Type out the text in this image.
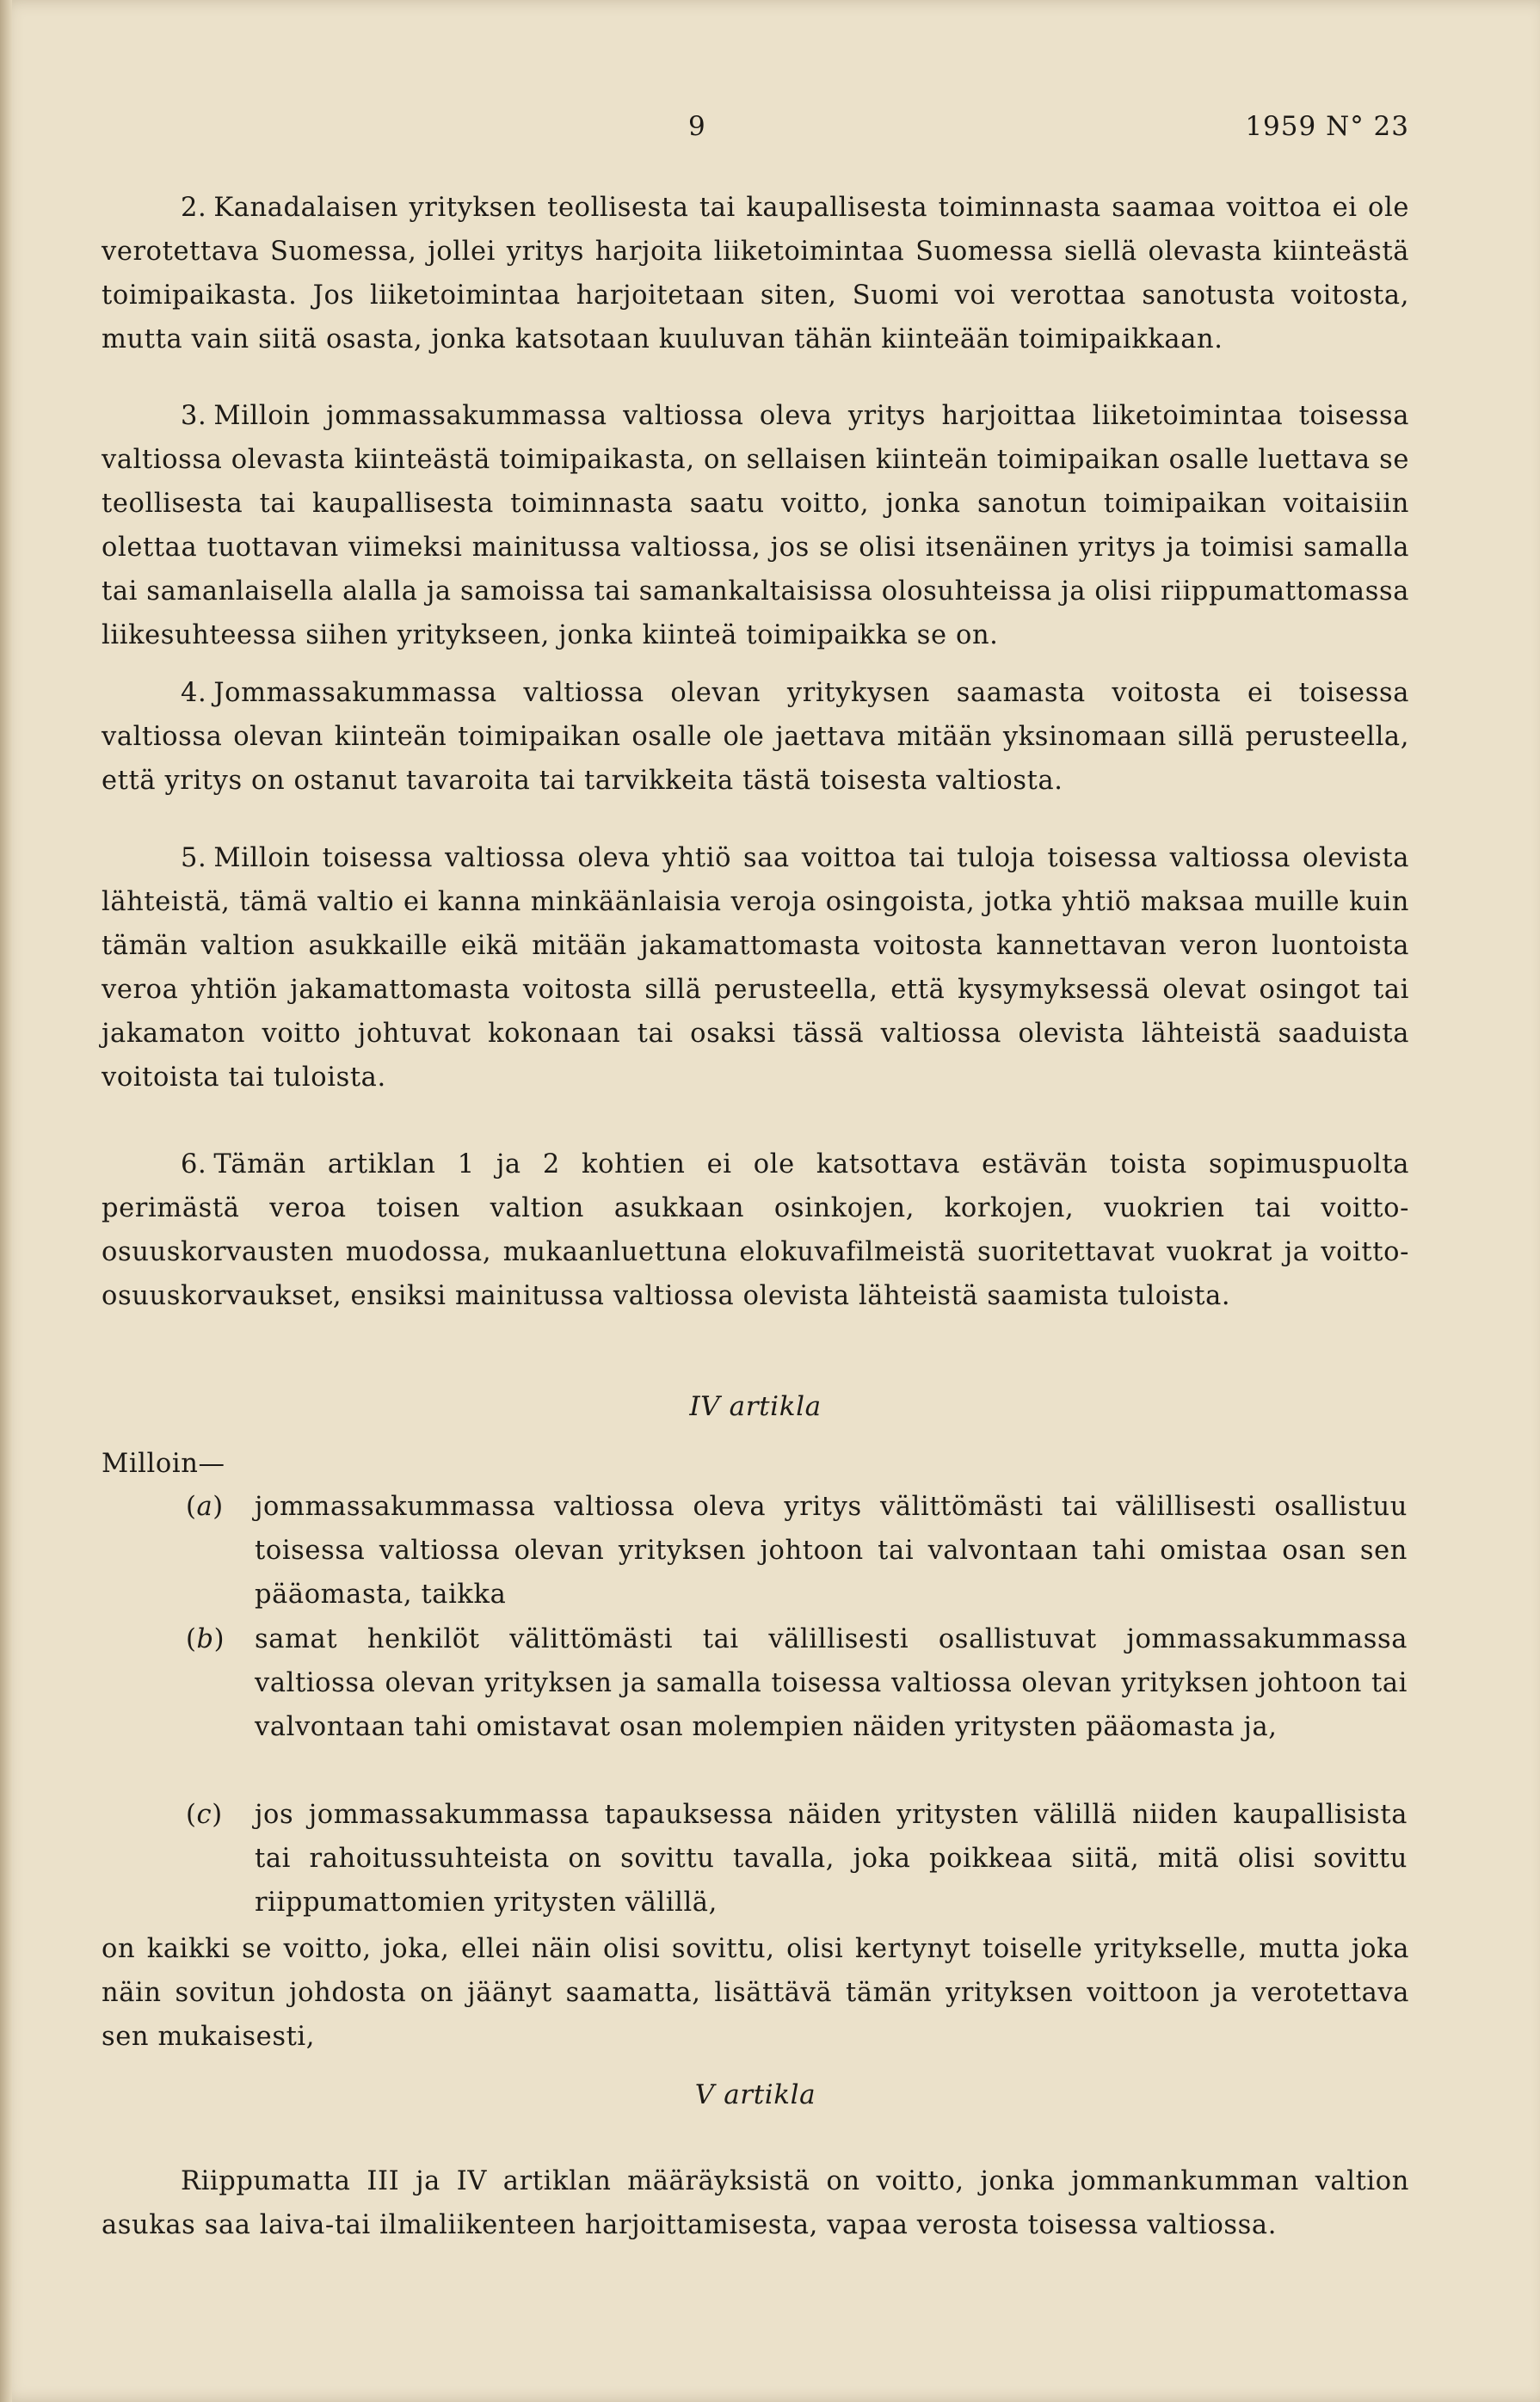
9	1959 N° 23

2. Kanadalaisen yrityksen teollisesta tai kaupallisesta toiminnasta saamaa voittoa ei ole verotettava Suomessa, jollei yritys harjoita liiketoimintaa Suomessa siellä olevasta kiinteästä toimipaikasta. Jos liiketoimintaa harjoitetaan siten, Suomi voi verottaa sanotusta voitosta, mutta vain siitä osasta, jonka katsotaan kuuluvan tähän kiinteään toimipaikkaan.

3. Milloin jommassakummassa valtiossa oleva yritys harjoittaa liiketoimintaa toisessa valtiossa olevasta kiinteästä toimipaikasta, on sellaisen kiinteän toimipaikan osalle luettava se teollisesta tai kaupallisesta toiminnasta saatu voitto, jonka sanotun toimipaikan voitaisiin olettaa tuottavan viimeksi mainitussa valtiossa, jos se olisi itsenäinen yritys ja toimisi samalla tai samanlaisella alalla ja samoissa tai samankaltaisissa olosuhteissa ja olisi riippumattomassa liikesuhteessa siihen yritykseen, jonka kiinteä toimipaikka se on.

4. Jommassakummassa valtiossa olevan yritykysen saamasta voitosta ei toisessa valtiossa olevan kiinteän toimipaikan osalle ole jaettava mitään yksinomaan sillä perusteella, että yritys on ostanut tavaroita tai tarvikkeita tästä toisesta valtiosta.

5. Milloin toisessa valtiossa oleva yhtiö saa voittoa tai tuloja toisessa valtiossa olevista lähteistä, tämä valtio ei kanna minkäänlaisia veroja osingoista, jotka yhtiö maksaa muille kuin tämän valtion asukkaille eikä mitään jakamattomasta voitosta kannettavan veron luontoista veroa yhtiön jakamattomasta voitosta sillä perusteella, että kysymyksessä olevat osingot tai jakamaton voitto johtuvat kokonaan tai osaksi tässä valtiossa olevista lähteistä saaduista voitoista tai tuloista.

6. Tämän artiklan 1 ja 2 kohtien ei ole katsottava estävän toista sopimuspuolta perimästä veroa toisen valtion asukkaan osinkojen, korkojen, vuokrien tai voitto-osuuskorvausten muodossa, mukaanluettuna elokuvafilmeistä suoritettavat vuokrat ja voitto-osuuskorvaukset, ensiksi mainitussa valtiossa olevista lähteistä saamista tuloista.

IV artikla

Milloin—

(a) jommassakummassa valtiossa oleva yritys välittömästi tai välillisesti osallistuu toisessa valtiossa olevan yrityksen johtoon tai valvontaan tahi omistaa osan sen pääomasta, taikka
(b) samat henkilöt välittömästi tai välillisesti osallistuvat jommassakummassa valtiossa olevan yrityksen ja samalla toisessa valtiossa olevan yrityksen johtoon tai valvontaan tahi omistavat osan molempien näiden yritysten pääomasta ja,
(c) jos jommassakummassa tapauksessa näiden yritysten välillä niiden kaupallisista tai rahoitussuhteista on sovittu tavalla, joka poikkeaa siitä, mitä olisi sovittu riippumattomien yritysten välillä,

on kaikki se voitto, joka, ellei näin olisi sovittu, olisi kertynyt toiselle yritykselle, mutta joka näin sovitun johdosta on jäänyt saamatta, lisättävä tämän yrityksen voittoon ja verotettava sen mukaisesti,

V artikla

Riippumatta III ja IV artiklan määräyksistä on voitto, jonka jommankumman valtion asukas saa laiva-tai ilmaliikenteen harjoittamisesta, vapaa verosta toisessa valtiossa.
